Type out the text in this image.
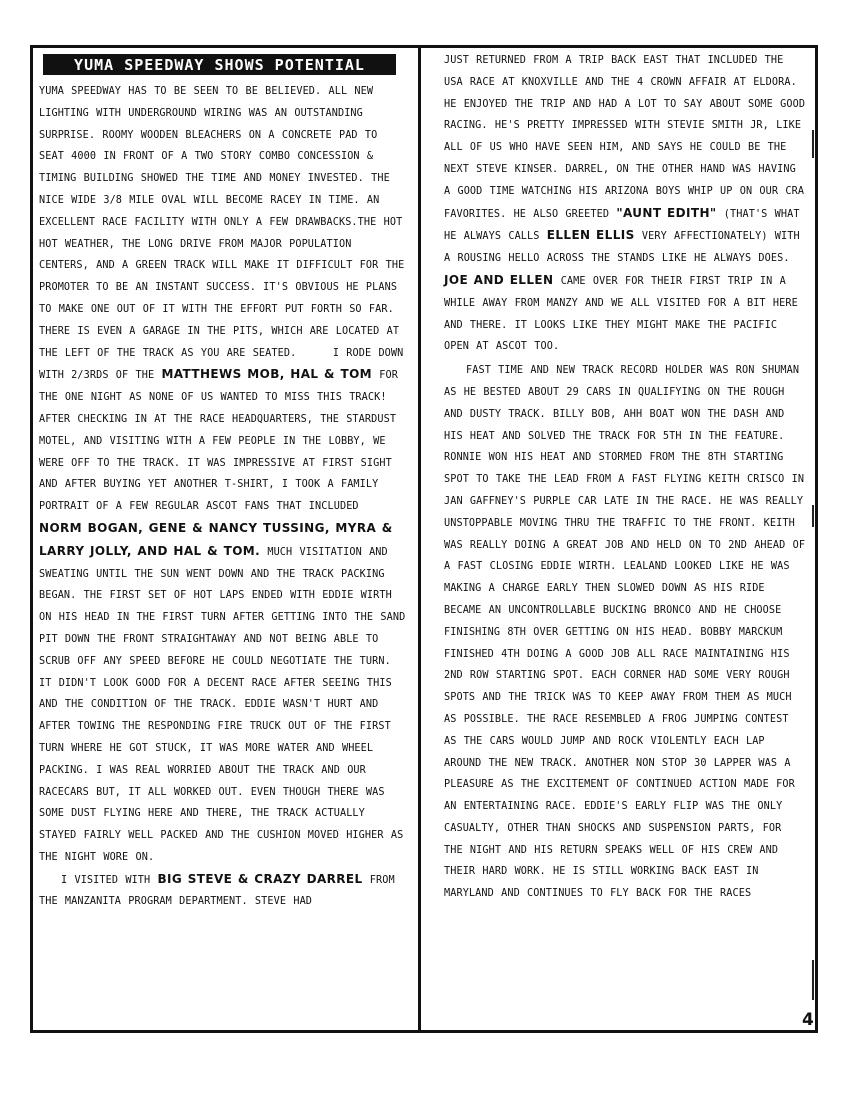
YUMA SPEEDWAY SHOWS POTENTIAL

YUMA SPEEDWAY HAS TO BE SEEN TO BE BELIEVED. ALL NEW LIGHTING WITH UNDERGROUND WIRING WAS AN OUTSTANDING SURPRISE. ROOMY WOODEN BLEACHERS ON A CONCRETE PAD TO SEAT 4000 IN FRONT OF A TWO STORY COMBO CONCESSION & TIMING BUILDING SHOWED THE TIME AND MONEY INVESTED. THE NICE WIDE 3/8 MILE OVAL WILL BECOME RACEY IN TIME. AN EXCELLENT RACE FACILITY WITH ONLY A FEW DRAWBACKS.THE HOT HOT WEATHER, THE LONG DRIVE FROM MAJOR POPULATION CENTERS, AND A GREEN TRACK WILL MAKE IT DIFFICULT FOR THE PROMOTER TO BE AN INSTANT SUCCESS. IT'S OBVIOUS HE PLANS TO MAKE ONE OUT OF IT WITH THE EFFORT PUT FORTH SO FAR. THERE IS EVEN A GARAGE IN THE PITS, WHICH ARE LOCATED AT THE LEFT OF THE TRACK AS YOU ARE SEATED.	I RODE DOWN WITH 2/3RDS OF THE MATTHEWS MOB, HAL & TOM FOR THE ONE NIGHT AS NONE OF US WANTED TO MISS THIS TRACK! AFTER CHECKING IN AT THE RACE HEADQUARTERS, THE STARDUST MOTEL, AND VISITING WITH A FEW PEOPLE IN THE LOBBY, WE WERE OFF TO THE TRACK. IT WAS IMPRESSIVE AT FIRST SIGHT AND AFTER BUYING YET ANOTHER T-SHIRT, I TOOK A FAMILY PORTRAIT OF A FEW REGULAR ASCOT FANS THAT INCLUDED NORM BOGAN, GENE & NANCY TUSSING, MYRA & LARRY JOLLY, AND HAL & TOM. MUCH VISITATION AND SWEATING UNTIL THE SUN WENT DOWN AND THE TRACK PACKING BEGAN. THE FIRST SET OF HOT LAPS ENDED WITH EDDIE WIRTH ON HIS HEAD IN THE FIRST TURN AFTER GETTING INTO THE SAND PIT DOWN THE FRONT STRAIGHTAWAY AND NOT BEING ABLE TO SCRUB OFF ANY SPEED BEFORE HE COULD NEGOTIATE THE TURN. IT DIDN'T LOOK GOOD FOR A DECENT RACE AFTER SEEING THIS AND THE CONDITION OF THE TRACK. EDDIE WASN'T HURT AND AFTER TOWING THE RESPONDING FIRE TRUCK OUT OF THE FIRST TURN WHERE HE GOT STUCK, IT WAS MORE WATER AND WHEEL PACKING. I WAS REAL WORRIED ABOUT THE TRACK AND OUR RACECARS BUT, IT ALL WORKED OUT. EVEN THOUGH THERE WAS SOME DUST FLYING HERE AND THERE, THE TRACK ACTUALLY STAYED FAIRLY WELL PACKED AND THE CUSHION MOVED HIGHER AS THE NIGHT WORE ON.

I VISITED WITH BIG STEVE & CRAZY DARREL FROM THE MANZANITA PROGRAM DEPARTMENT. STEVE HAD

JUST RETURNED FROM A TRIP BACK EAST THAT INCLUDED THE USA RACE AT KNOXVILLE AND THE 4 CROWN AFFAIR AT ELDORA. HE ENJOYED THE TRIP AND HAD A LOT TO SAY ABOUT SOME GOOD RACING. HE'S PRETTY IMPRESSED WITH STEVIE SMITH JR, LIKE ALL OF US WHO HAVE SEEN HIM, AND SAYS HE COULD BE THE NEXT STEVE KINSER. DARREL, ON THE OTHER HAND WAS HAVING A GOOD TIME WATCHING HIS ARIZONA BOYS WHIP UP ON OUR CRA FAVORITES. HE ALSO GREETED "AUNT EDITH" (THAT'S WHAT HE ALWAYS CALLS ELLEN ELLIS VERY AFFECTIONATELY) WITH A ROUSING HELLO ACROSS THE STANDS LIKE HE ALWAYS DOES. JOE AND ELLEN CAME OVER FOR THEIR FIRST TRIP IN A WHILE AWAY FROM MANZY AND WE ALL VISITED FOR A BIT HERE AND THERE. IT LOOKS LIKE THEY MIGHT MAKE THE PACIFIC OPEN AT ASCOT TOO.

FAST TIME AND NEW TRACK RECORD HOLDER WAS RON SHUMAN AS HE BESTED ABOUT 29 CARS IN QUALIFYING ON THE ROUGH AND DUSTY TRACK. BILLY BOB, AHH BOAT WON THE DASH AND HIS HEAT AND SOLVED THE TRACK FOR 5TH IN THE FEATURE. RONNIE WON HIS HEAT AND STORMED FROM THE 8TH STARTING SPOT TO TAKE THE LEAD FROM A FAST FLYING KEITH CRISCO IN JAN GAFFNEY'S PURPLE CAR LATE IN THE RACE. HE WAS REALLY UNSTOPPABLE MOVING THRU THE TRAFFIC TO THE FRONT. KEITH WAS REALLY DOING A GREAT JOB AND HELD ON TO 2ND AHEAD OF A FAST CLOSING EDDIE WIRTH. LEALAND LOOKED LIKE HE WAS MAKING A CHARGE EARLY THEN SLOWED DOWN AS HIS RIDE BECAME AN UNCONTROLLABLE BUCKING BRONCO AND HE CHOOSE FINISHING 8TH OVER GETTING ON HIS HEAD. BOBBY MARCKUM FINISHED 4TH DOING A GOOD JOB ALL RACE MAINTAINING HIS 2ND ROW STARTING SPOT. EACH CORNER HAD SOME VERY ROUGH SPOTS AND THE TRICK WAS TO KEEP AWAY FROM THEM AS MUCH AS POSSIBLE. THE RACE RESEMBLED A FROG JUMPING CONTEST AS THE CARS WOULD JUMP AND ROCK VIOLENTLY EACH LAP AROUND THE NEW TRACK. ANOTHER NON STOP 30 LAPPER WAS A PLEASURE AS THE EXCITEMENT OF CONTINUED ACTION MADE FOR AN ENTERTAINING RACE. EDDIE'S EARLY FLIP WAS THE ONLY CASUALTY, OTHER THAN SHOCKS AND SUSPENSION PARTS, FOR THE NIGHT AND HIS RETURN SPEAKS WELL OF HIS CREW AND THEIR HARD WORK. HE IS STILL WORKING BACK EAST IN MARYLAND AND CONTINUES TO FLY BACK FOR THE RACES

4
